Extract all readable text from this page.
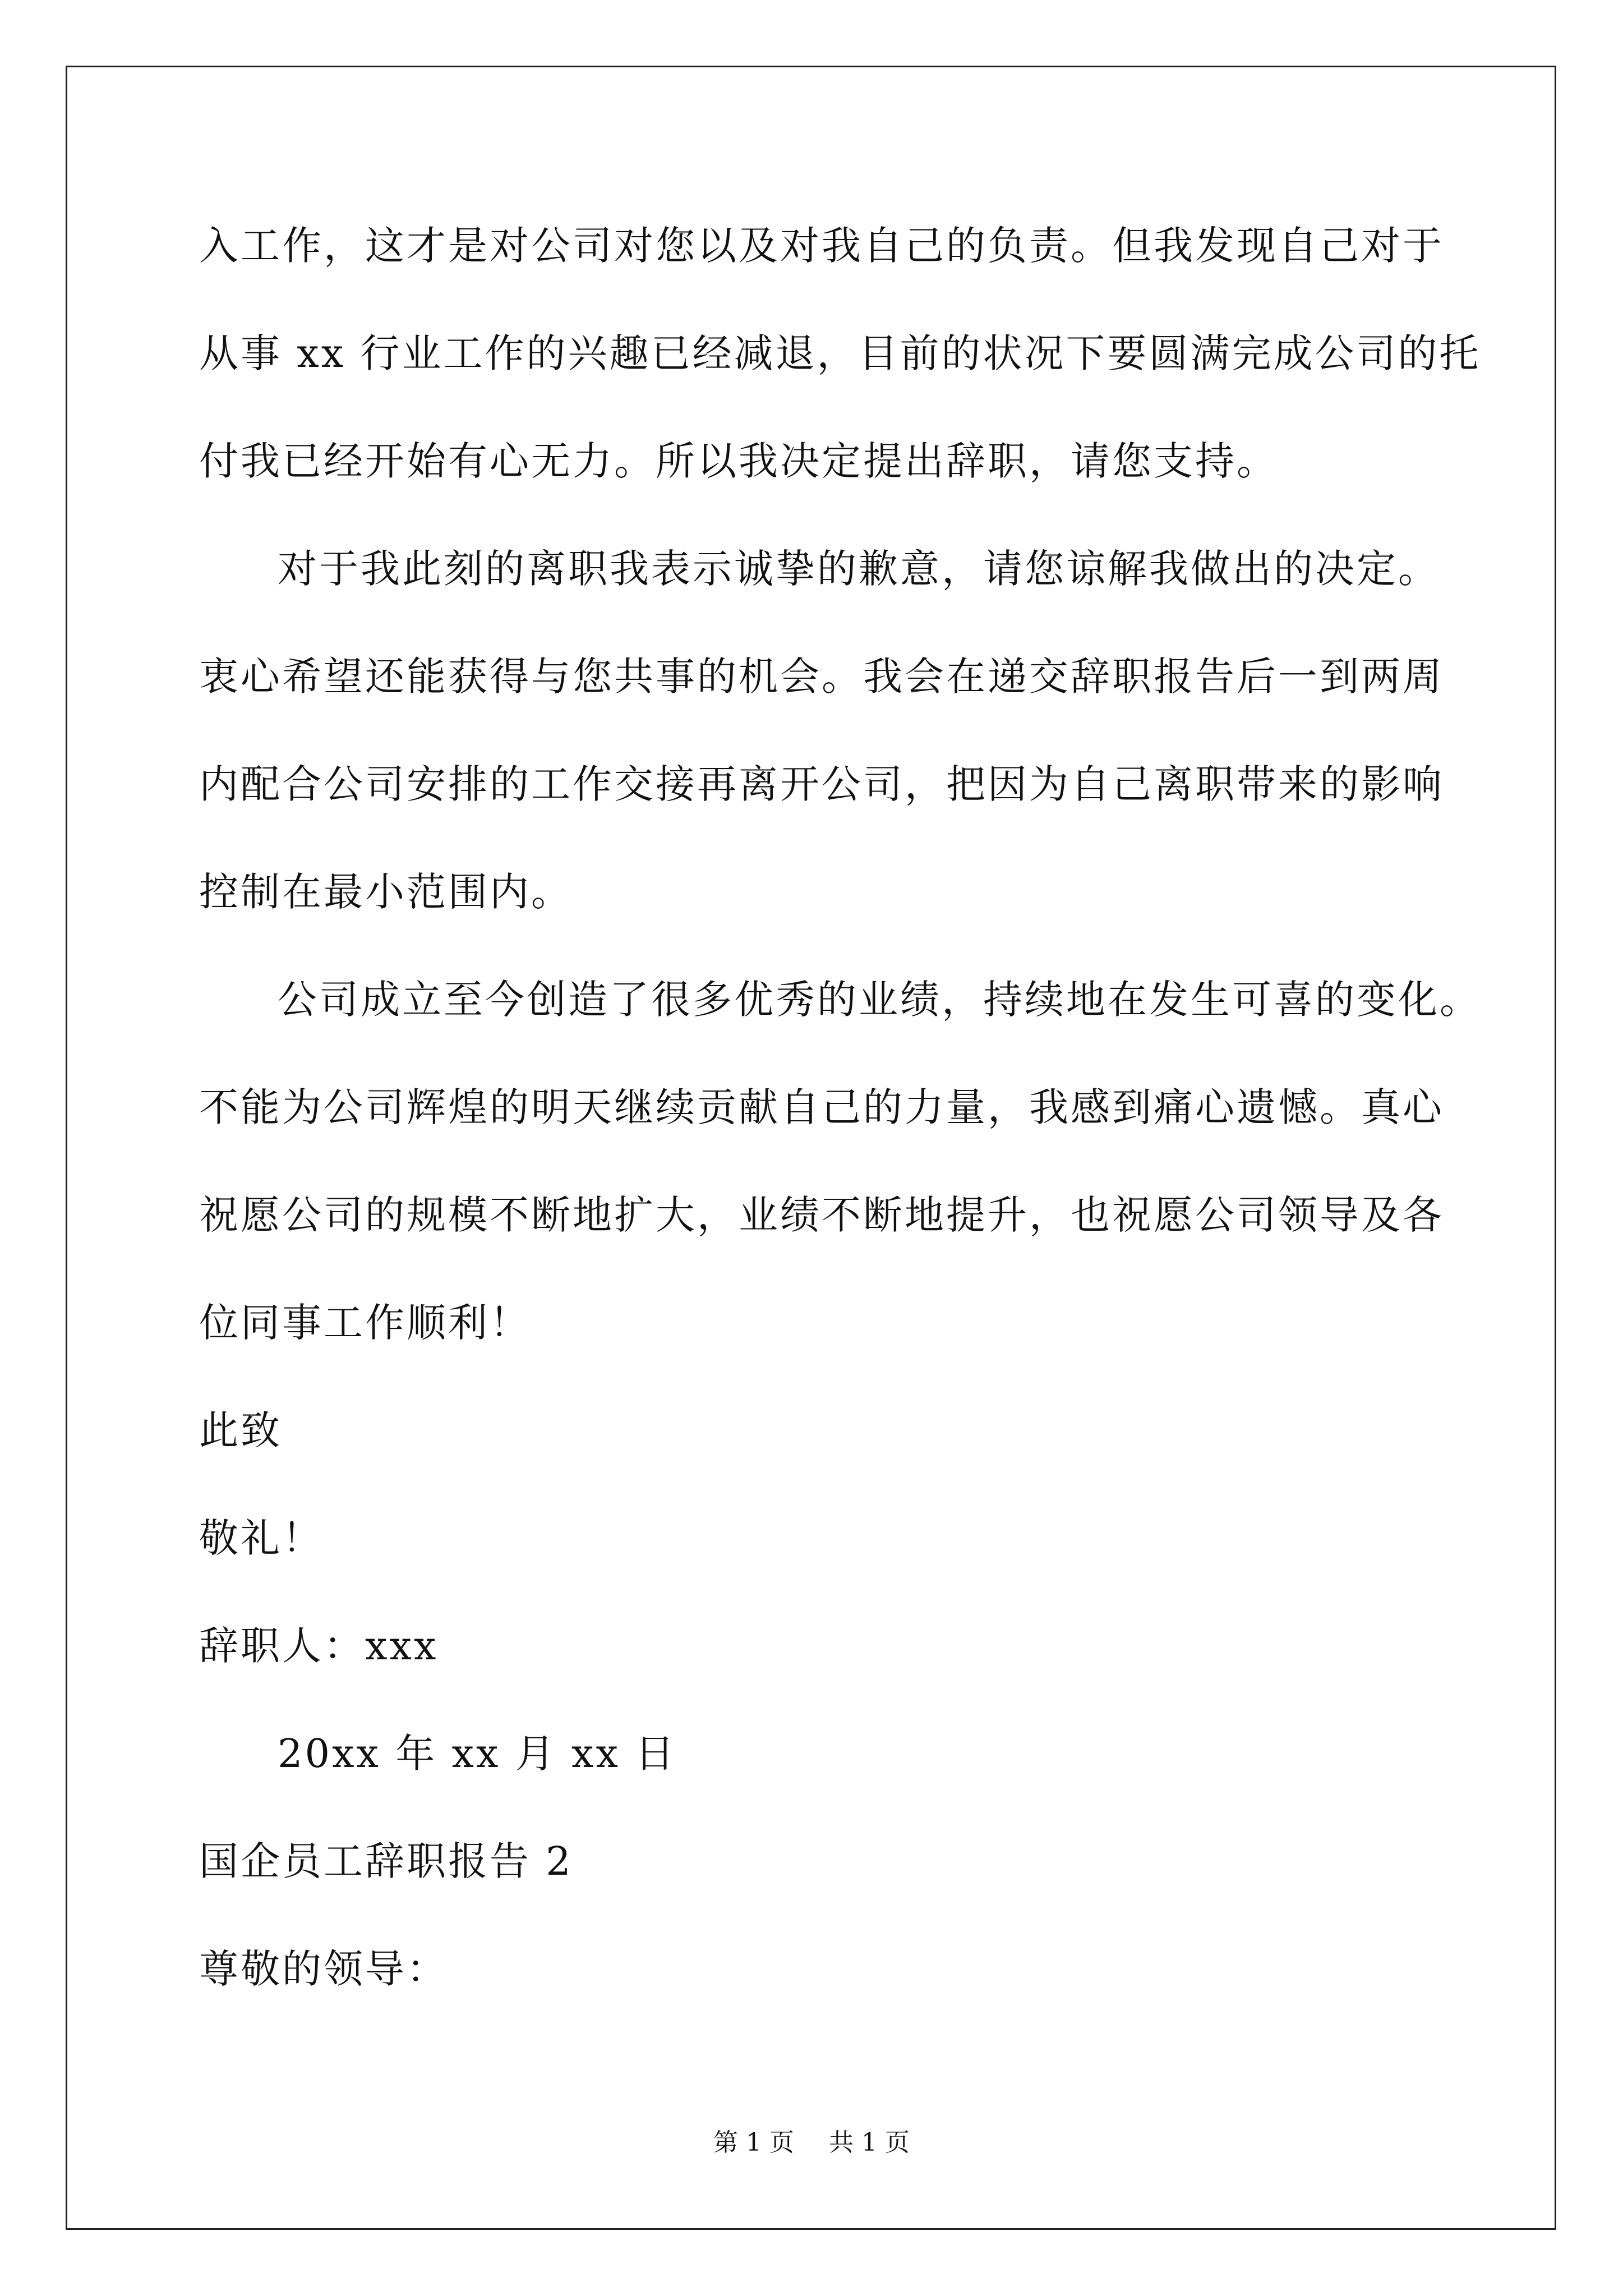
入工作，这才是对公司对您以及对我自己的负责。但我发现自己对于
从事 xx 行业工作的兴趣已经减退，目前的状况下要圆满完成公司的托
付我已经开始有心无力。所以我决定提出辞职，请您支持。
对于我此刻的离职我表示诚挚的歉意，请您谅解我做出的决定。
衷心希望还能获得与您共事的机会。我会在递交辞职报告后一到两周
内配合公司安排的工作交接再离开公司，把因为自己离职带来的影响
控制在最小范围内。
公司成立至今创造了很多优秀的业绩，持续地在发生可喜的变化。
不能为公司辉煌的明天继续贡献自己的力量，我感到痛心遗憾。真心
祝愿公司的规模不断地扩大，业绩不断地提升，也祝愿公司领导及各
位同事工作顺利！
此致
敬礼！
辞职人：xxx
20xx 年 xx 月 xx 日
国企员工辞职报告 2
尊敬的领导：
第 1 页 共 1 页
